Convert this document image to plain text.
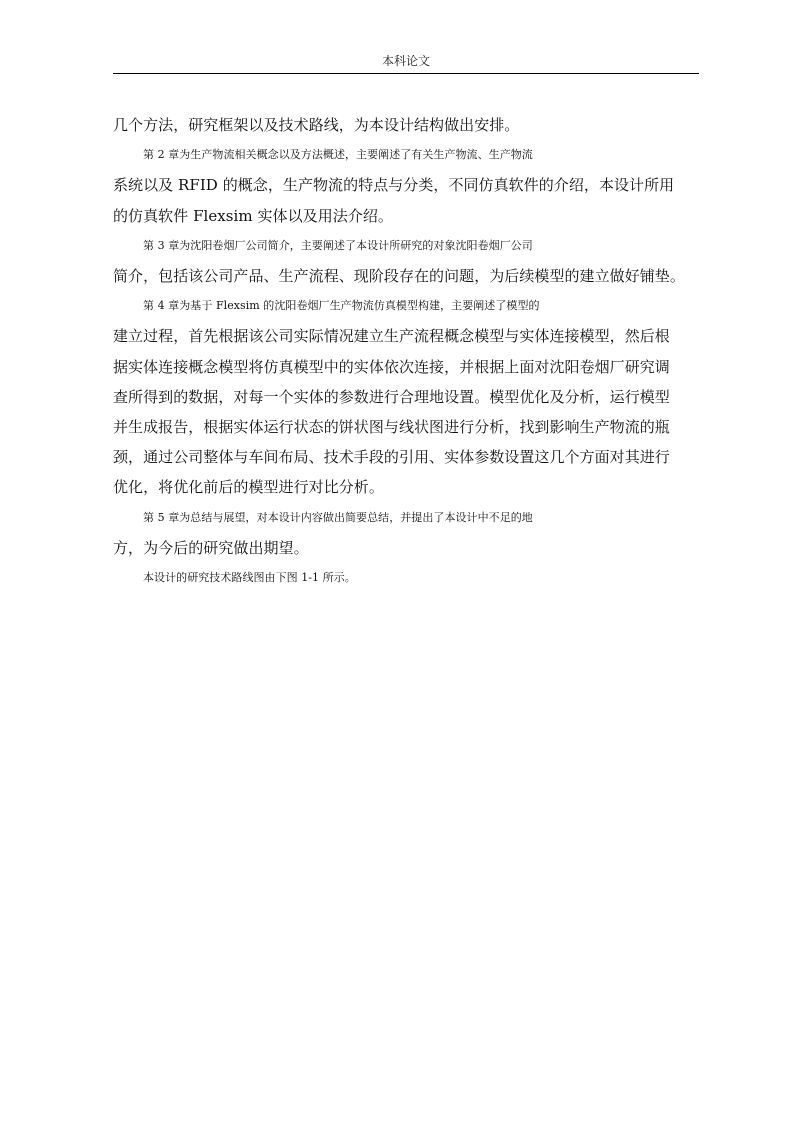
本科论文

几个方法，研究框架以及技术路线，为本设计结构做出安排。

第 2 章为生产物流相关概念以及方法概述，主要阐述了有关生产物流、生产物流
系统以及 RFID 的概念，生产物流的特点与分类，不同仿真软件的介绍，本设计所用
的仿真软件 Flexsim 实体以及用法介绍。

第 3 章为沈阳卷烟厂公司简介，主要阐述了本设计所研究的对象沈阳卷烟厂公司
简介，包括该公司产品、生产流程、现阶段存在的问题，为后续模型的建立做好铺垫。

第 4 章为基于 Flexsim 的沈阳卷烟厂生产物流仿真模型构建，主要阐述了模型的
建立过程，首先根据该公司实际情况建立生产流程概念模型与实体连接模型，然后根
据实体连接概念模型将仿真模型中的实体依次连接，并根据上面对沈阳卷烟厂研究调
查所得到的数据，对每一个实体的参数进行合理地设置。模型优化及分析，运行模型
并生成报告，根据实体运行状态的饼状图与线状图进行分析，找到影响生产物流的瓶
颈，通过公司整体与车间布局、技术手段的引用、实体参数设置这几个方面对其进行
优化，将优化前后的模型进行对比分析。

第 5 章为总结与展望，对本设计内容做出简要总结，并提出了本设计中不足的地
方，为今后的研究做出期望。

本设计的研究技术路线图由下图 1-1 所示。
